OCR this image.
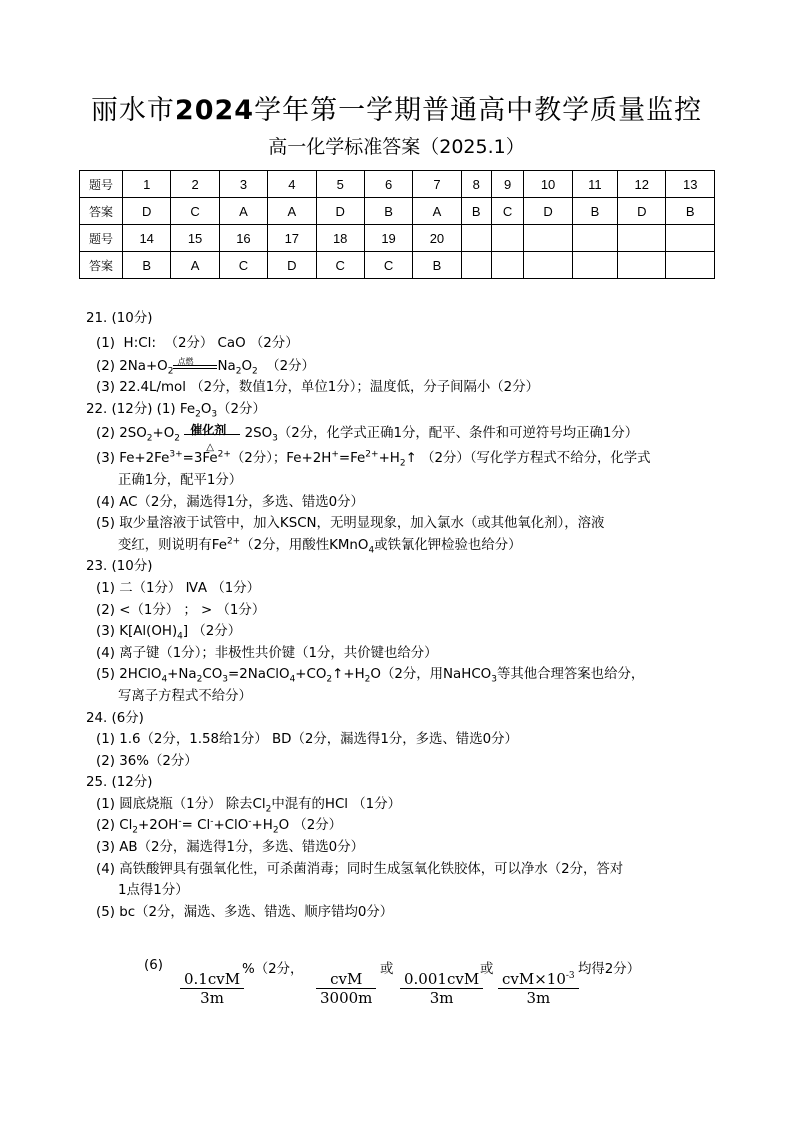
丽水市2024学年第一学期普通高中教学质量监控
高一化学标准答案（2025.1）
题号	1	2	3	4	5	6	7	8	9	10	11	12	13
答案	D	C	A	A	D	B	A	B	C	D	B	D	B
题号	14	15	16	17	18	19	20						
答案	B	A	C	D	C	C	B						
21. (10分)
(1) H:Cl: （2分） CaO （2分）
(2) $2Na+O_2$
点燃 $Na_2O_2$ （2分）
(3) 22.4L/mol （2分，数值1分，单位1分）；温度低，分子间隔小（2分）
22. (12分) (1) $Fe_2O_3(2$分）
(2) $2SO_2+O_2$
催化剂
△
$2SO_3(2$分，化学式正确1分，配平、条件和可逆符号均正确1分）
(3) $Fe+2Fe^{3+}=3Fe^{2+}(2$分）；$Fe+2H^+=Fe^{2+}+H_2↑$ （2分）（写化学方程式不给分，化学式
正确1分，配平1分）
(4) AC（2分，漏选得1分，多选、错选0分）
(5) 取少量溶液于试管中，加入KSCN，无明显现象，加入氯水（或其他氧化剂），溶液
变红，则说明有$Fe^{2+}(2$分，用酸性KMnO$_4$或铁氰化钾检验也给分）
23. (10分)
(1) 二（1分） ⅣA （1分）
(2) <（1分） ； > （1分）
(3) $K[Al(OH)_4]$ （2分）
(4) 离子键（1分）；非极性共价键（1分，共价键也给分）
(5) $2HClO_4+Na_2CO_3=2NaClO_4+CO_2↑+H_2O(2$分，用NaHCO$_3$等其他合理答案也给分，
写离子方程式不给分）
24. (6分)
(1) 1.6（2分，1.58给1分） BD（2分，漏选得1分，多选、错选0分）
(2) 36%（2分）
25. (12分)
(1) 圆底烧瓶（1分） 除去$Cl_2$中混有的HCl （1分）
(2) $Cl_2+2OH^-= Cl^-+ClO^-+H_2O$ （2分）
(3) AB（2分，漏选得1分，多选、错选0分）
(4) 高铁酸钾具有强氧化性，可杀菌消毒；同时生成氢氧化铁胶体，可以净水（2分，答对
1点得1分）
(5) bc（2分，漏选、多选、错选、顺序错均0分）
(6)
0.1cvM
3m
%（2分，
cvM
3000m
或
0.001cvM
3m
或
$cvM\times 10^{-3}$
3m
均得2分）
